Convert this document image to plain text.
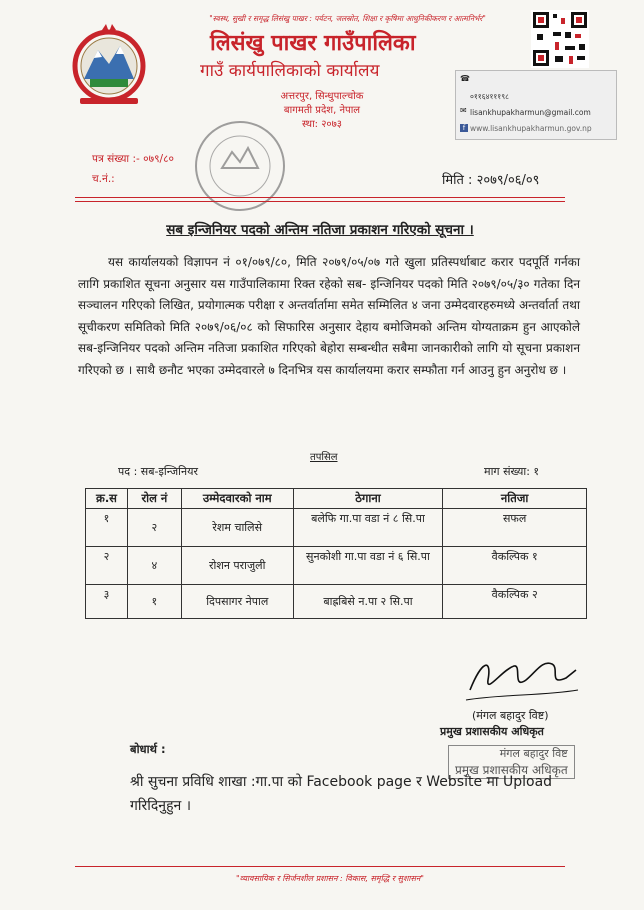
"स्वस्थ, सुखी र समृद्ध लिसंखु पाखर : पर्यटन, जलस्रोत, शिक्षा र कृषिमा आधुनिकीकरण र आत्मनिर्भर"
लिसंखु पाखर गाउँपालिका
गाउँ कार्यपालिकाको कार्यालय
अत्तरपुर, सिन्धुपाल्चोक
बागमती प्रदेश, नेपाल
स्था: २०७३
☎
०११६४१११९८
✉ lisankhupakharmun@gmail.com
f www.lisankhupakharmun.gov.np
पत्र संख्या :- ०७९/८०
च.नं.:	मिति : २०७९/०६/०९
सब इन्जिनियर पदको अन्तिम नतिजा प्रकाशन गरिएको सूचना ।
यस कार्यालयको विज्ञापन नं ०१/०७९/८०, मिति २०७९/०५/०७ गते खुला प्रतिस्पर्धाबाट करार पदपूर्ति गर्नका लागि प्रकाशित सूचना अनुसार यस गाउँपालिकामा रिक्त रहेको सब- इन्जिनियर पदको मिति २०७९/०५/३० गतेका दिन सञ्चालन गरिएको लिखित, प्रयोगात्मक परीक्षा र अन्तर्वार्तामा समेत सम्मिलित ४ जना उम्मेदवारहरुमध्ये अन्तर्वार्ता तथा सूचीकरण समितिको मिति २०७९/०६/०८ को सिफारिस अनुसार देहाय बमोजिमको अन्तिम योग्यताक्रम हुन आएकोले सब-इन्जिनियर पदको अन्तिम नतिजा प्रकाशित गरिएको बेहोरा सम्बन्धीत सबैमा जानकारीको लागि यो सूचना प्रकाशन गरिएको छ । साथै छनौट भएका उम्मेदवारले ७ दिनभित्र यस कार्यालयमा करार सम्फौता गर्न आउनु हुन अनुरोध छ ।
तपसिल
पद : सब-इन्जिनियर	माग संख्या: १
क्र.स	रोल नं	उम्मेदवारको नाम	ठेगाना	नतिजा
१	२	रेशम चालिसे	बलेफि गा.पा वडा नं ८ सि.पा	सफल
२	४	रोशन पराजुली	सुनकोशी गा.पा वडा नं ६ सि.पा	वैकल्पिक १
३	१	दिपसागर नेपाल	बाह्रबिसे न.पा २ सि.पा	वैकल्पिक २
(मंगल बहादुर विष्ट)
प्रमुख प्रशासकीय अधिकृत
मंगल बहादुर विष्ट
प्रमुख प्रशासकीय अधिकृत
बोधार्थ :
श्री सुचना प्रविधि शाखा :गा.पा को Facebook page र Website मा Upload गरिदिनुहुन ।
"व्यावसायिक र सिर्जनशील प्रशासन : विकास, समृद्धि र सुशासन"
